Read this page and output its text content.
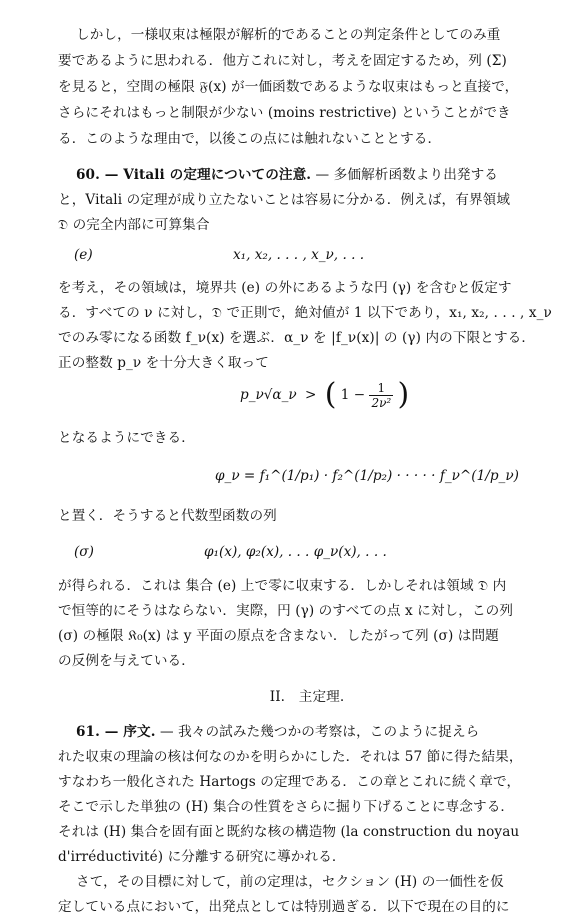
しかし，一様収束は極限が解析的であることの判定条件としてのみ重
要であるように思われる．他方これに対し，考えを固定するため，列 (Σ)
を見ると，空間の極限 𝔉(x) が一価函数であるような収束はもっと直接で，
さらにそれはもっと制限が少ない (moins restrictive) ということができ
る．このような理由で，以後この点には触れないこととする．
60. — Vitali の定理についての注意. — 多価解析函数より出発する
と，Vitali の定理が成り立たないことは容易に分かる．例えば，有界領域
𝔇 の完全内部に可算集合
(e)	x₁, x₂, . . . , x_ν, . . .
を考え，その領域は，境界共 (e) の外にあるような円 (γ) を含むと仮定す
る．すべての ν に対し，𝔇 で正則で，絶対値が 1 以下であり，x₁, x₂, . . . , x_ν
でのみ零になる函数 f_ν(x) を選ぶ．α_ν を |f_ν(x)| の (γ) 内の下限とする．
正の整数 p_ν を十分大きく取って
p_ν√α_ν > ( $1 - \frac{1}{\text{2ν²}}$ )
となるようにできる．
φ_ν = f₁^(1/p₁) · f₂^(1/p₂) · · · · · f_ν^(1/p_ν)
と置く．そうすると代数型函数の列
(σ)	φ₁(x), φ₂(x), . . . φ_ν(x), . . .
が得られる．これは 集合 (e) 上で零に収束する．しかしそれは領域 𝔇 内
で恒等的にそうはならない．実際，円 (γ) のすべての点 x に対し，この列
(σ) の極限 𝔎₀(x) は y 平面の原点を含まない．したがって列 (σ) は問題
の反例を与えている．
II.　主定理.
61. — 序文. — 我々の試みた幾つかの考察は，このように捉えら
れた収束の理論の核は何なのかを明らかにした．それは 57 節に得た結果，
すなわち一般化された Hartogs の定理である．この章とこれに続く章で，
そこで示した単独の (H) 集合の性質をさらに掘り下げることに専念する．
それは (H) 集合を固有面と既約な核の構造物 (la construction du noyau
d'irréductivité) に分離する研究に導かれる．
さて，その目標に対して，前の定理は，セクション (H) の一価性を仮
定している点において，出発点としては特別過ぎる．以下で現在の目的に
